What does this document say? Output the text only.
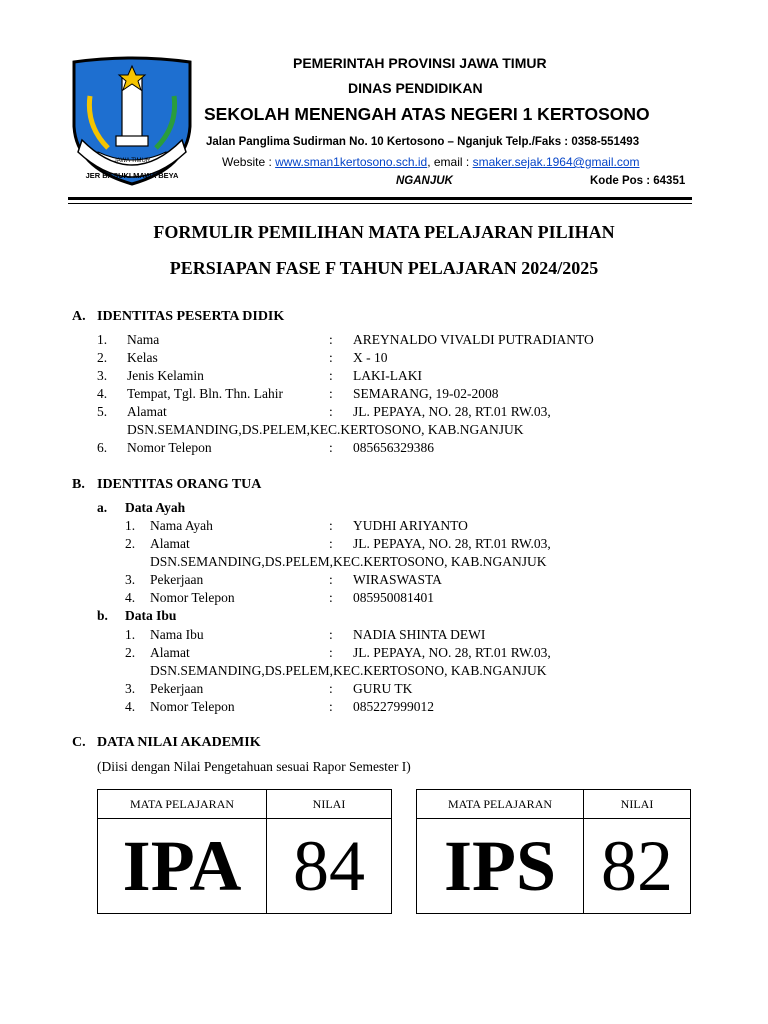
JAWA TIMUR
JER BASUKI MAWA BEYA
PEMERINTAH PROVINSI JAWA TIMUR
DINAS PENDIDIKAN
SEKOLAH MENENGAH ATAS NEGERI 1 KERTOSONO
Jalan Panglima Sudirman No. 10 Kertosono – Nganjuk Telp./Faks : 0358-551493
Website : www.sman1kertosono.sch.id, email : smaker.sejak.1964@gmail.com
NGANJUK	Kode Pos : 64351
FORMULIR PEMILIHAN MATA PELAJARAN PILIHAN
PERSIAPAN FASE F TAHUN PELAJARAN 2024/2025
A. IDENTITAS PESERTA DIDIK
1. Nama	: AREYNALDO VIVALDI PUTRADIANTO
2. Kelas	: X - 10
3. Jenis Kelamin	: LAKI-LAKI
4. Tempat, Tgl. Bln. Thn. Lahir	: SEMARANG, 19-02-2008
5. Alamat	: JL. PEPAYA, NO. 28, RT.01 RW.03,
DSN.SEMANDING,DS.PELEM,KEC.KERTOSONO, KAB.NGANJUK
6. Nomor Telepon	: 085656329386
B. IDENTITAS ORANG TUA
a. Data Ayah
1. Nama Ayah	: YUDHI ARIYANTO
2. Alamat	: JL. PEPAYA, NO. 28, RT.01 RW.03,
DSN.SEMANDING,DS.PELEM,KEC.KERTOSONO, KAB.NGANJUK
3. Pekerjaan	: WIRASWASTA
4. Nomor Telepon	: 085950081401
b. Data Ibu
1. Nama Ibu	: NADIA SHINTA DEWI
2. Alamat	: JL. PEPAYA, NO. 28, RT.01 RW.03,
DSN.SEMANDING,DS.PELEM,KEC.KERTOSONO, KAB.NGANJUK
3. Pekerjaan	: GURU TK
4. Nomor Telepon	: 085227999012
C. DATA NILAI AKADEMIK
(Diisi dengan Nilai Pengetahuan sesuai Rapor Semester I)
MATA PELAJARAN	NILAI
IPA	84
MATA PELAJARAN	NILAI
IPS	82
